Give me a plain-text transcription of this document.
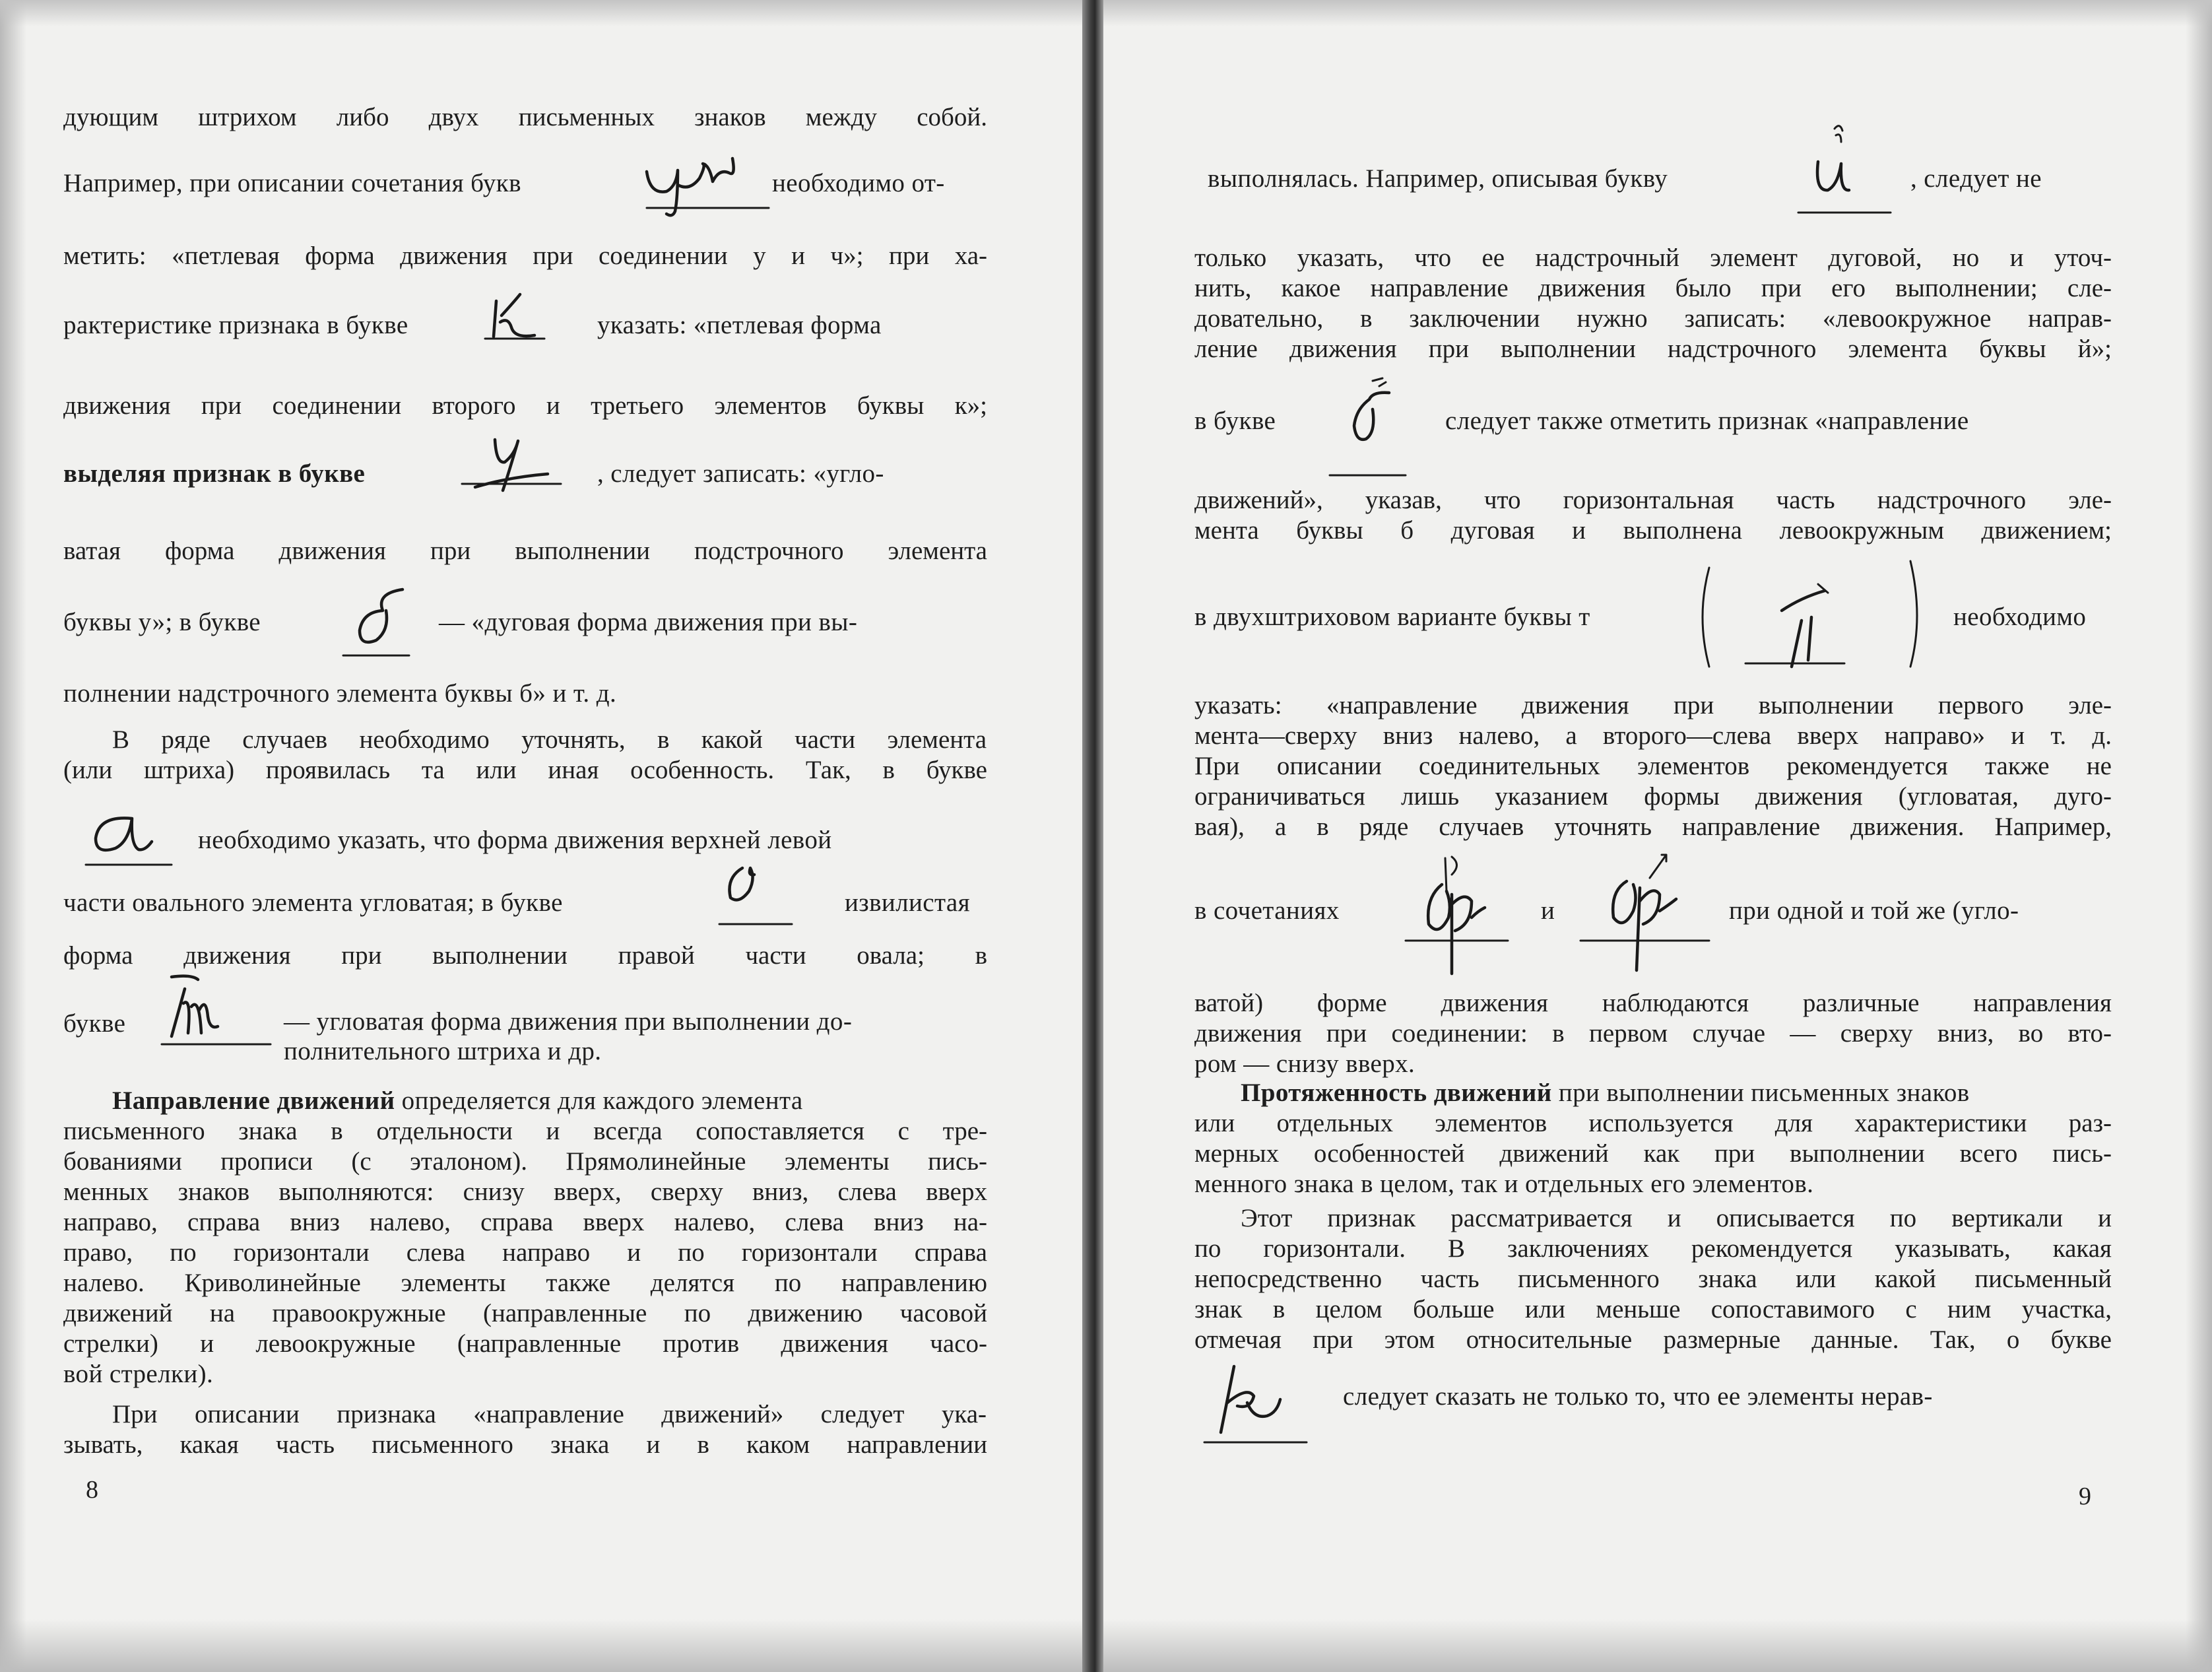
дующим штрихом либо двух письменных знаков между собой.
Например, при описании сочетания букв	необходимо от-
метить: «петлевая форма движения при соединении у и ч»; при ха-
рактеристике признака в букве	указать: «петлевая форма
движения при соединении второго и третьего элементов буквы к»;
выделяя признак в букве	, следует записать: «угло-
ватая форма движения при выполнении подстрочного элемента
буквы у»; в букве	— «дуговая форма движения при вы-
полнении надстрочного элемента буквы б» и т. д.
В ряде случаев необходимо уточнять, в какой части элемента
(или штриха) проявилась та или иная особенность. Так, в букве
необходимо указать, что форма движения верхней левой
части овального элемента угловатая; в букве	извилистая
форма движения при выполнении правой части овала; в
букве	— угловатая форма движения при выполнении до-
полнительного штриха и др.
Направление движений определяется для каждого элемента
письменного знака в отдельности и всегда сопоставляется с тре-
бованиями прописи (с эталоном). Прямолинейные элементы пись-
менных знаков выполняются: снизу вверх, сверху вниз, слева вверх
направо, справа вниз налево, справа вверх налево, слева вниз на-
право, по горизонтали слева направо и по горизонтали справа
налево. Криволинейные элементы также делятся по направлению
движений на правоокружные (направленные по движению часовой
стрелки) и левоокружные (направленные против движения часо-
вой стрелки).
При описании признака «направление движений» следует ука-
зывать, какая часть письменного знака и в каком направлении
8
выполнялась. Например, описывая букву	, следует не
только указать, что ее надстрочный элемент дуговой, но и уточ-
нить, какое направление движения было при его выполнении; сле-
довательно, в заключении нужно записать: «левоокружное направ-
ление движения при выполнении надстрочного элемента буквы й»;
в букве	следует также отметить признак «направление
движений», указав, что горизонтальная часть надстрочного эле-
мента буквы б дуговая и выполнена левоокружным движением;
в двухштриховом варианте буквы т	необходимо
указать: «направление движения при выполнении первого эле-
мента—сверху вниз налево, а второго—слева вверх направо» и т. д.
При описании соединительных элементов рекомендуется также не
ограничиваться лишь указанием формы движения (угловатая, дуго-
вая), а в ряде случаев уточнять направление движения. Например,
в сочетаниях	и	при одной и той же (угло-
ватой) форме движения наблюдаются различные направления
движения при соединении: в первом случае — сверху вниз, во вто-
ром — снизу вверх.
Протяженность движений при выполнении письменных знаков
или отдельных элементов используется для характеристики раз-
мерных особенностей движений как при выполнении всего пись-
менного знака в целом, так и отдельных его элементов.
Этот признак рассматривается и описывается по вертикали и
по горизонтали. В заключениях рекомендуется указывать, какая
непосредственно часть письменного знака или какой письменный
знак в целом больше или меньше сопоставимого с ним участка,
отмечая при этом относительные размерные данные. Так, о букве
следует сказать не только то, что ее элементы нерав-
9
